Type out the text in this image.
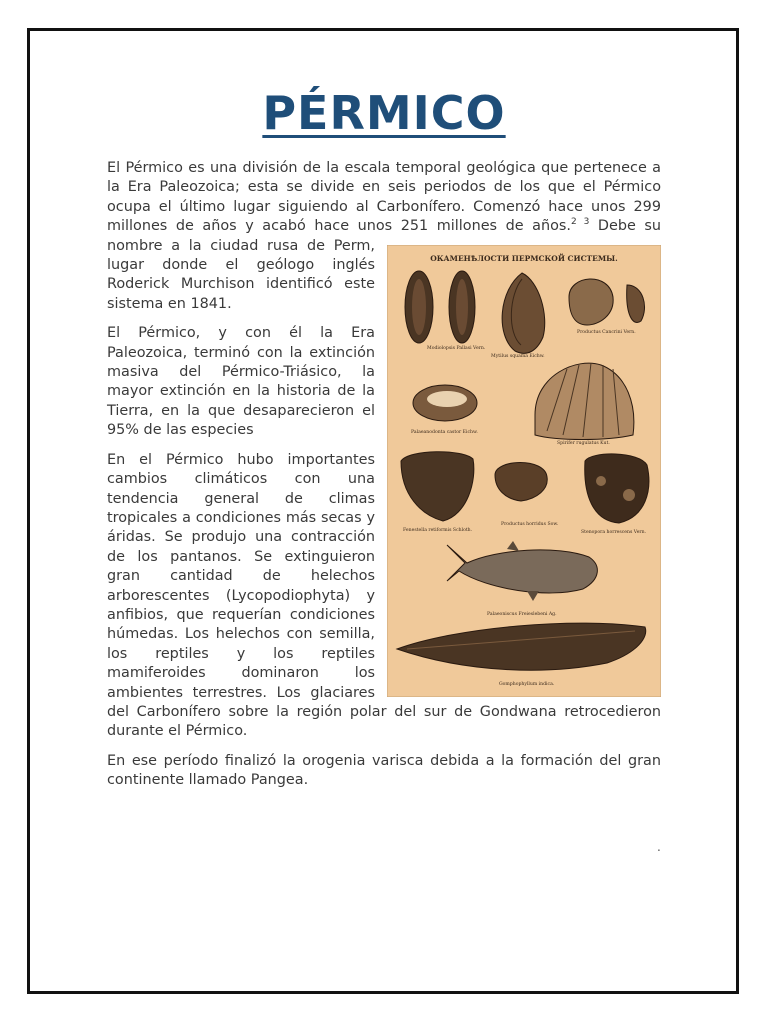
PÉRMICO

El Pérmico es una división de la escala temporal geológica que pertenece a la Era Paleozoica; esta se divide en seis periodos de los que el Pérmico ocupa el último lugar siguiendo al Carbonífero. Comenzó hace unos 299 millones de años y acabó hace unos 251 millones de años.$^{2 3}$
ОКАМЕНѢЛОСТИ ПЕРМСКОЙ СИСТЕМЫ.
Modiolopsis Pallasi Vern.
Mytilus squama Eichw.
Productus Cancrini Vern.
Palaeanodonta castor Eichw.
Spirifer rugulatus Kut.
Fenestella retiformis Schloth.
Productus horridus Sow.
Stenopora horrescens Vern.
Palaeoniscus Freieslebeni Ag.
Gomphophyllum indica.
Debe su nombre a la ciudad rusa de Perm, lugar donde el geólogo inglés Roderick Murchison identificó este sistema en 1841.

El Pérmico, y con él la Era Paleozoica, terminó con la extinción masiva del Pérmico-Triásico, la mayor extinción en la historia de la Tierra, en la que desaparecieron el 95% de las especies

En el Pérmico hubo importantes cambios climáticos con una tendencia general de climas tropicales a condiciones más secas y áridas. Se produjo una contracción de los pantanos. Se extinguieron gran cantidad de helechos arborescentes (Lycopodiophyta) y anfibios, que requerían condiciones húmedas. Los helechos con semilla, los reptiles y los reptiles mamiferoides dominaron los ambientes terrestres. Los glaciares del Carbonífero sobre la región polar del sur de Gondwana retrocedieron durante el Pérmico.

En ese período finalizó la orogenia varisca debida a la formación del gran continente llamado Pangea.

.
